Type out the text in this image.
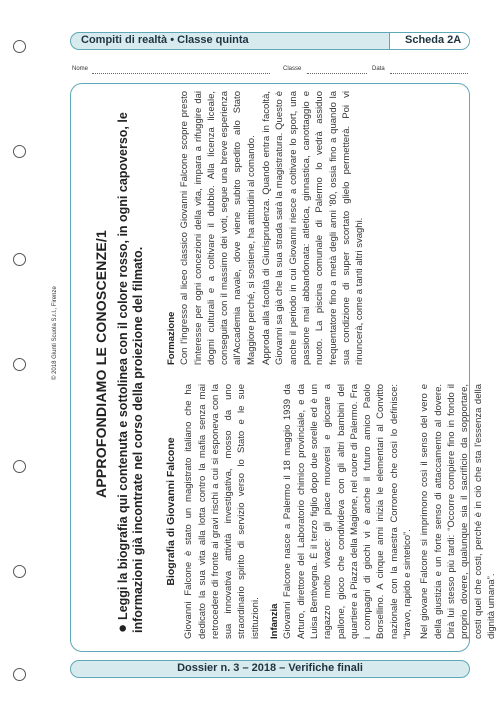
Compiti di realtà • Classe quinta	Scheda 2A
Nome	Classe	Data
APPROFONDIAMO LE CONOSCENZE/1
●Leggi la biografia qui contenuta e sottolinea con il colore rosso, in ogni capoverso, le informazioni già incontrate nel corso della proiezione del filmato. Biografia di Giovanni Falcone Giovanni Falcone è stato un magistrato italiano che ha dedicato la sua vita alla lotta contro la mafia senza mai retrocedere di fronte ai gravi rischi a cui si esponeva con la sua innovativa attività investigativa, mosso da uno straordinario spirito di servizio verso lo Stato e le sue istituzioni. Infanzia Giovanni Falcone nasce a Palermo il 18 maggio 1939 da Arturo, direttore del Laboratorio chimico provinciale, e da Luisa Bentivegna. È il terzo figlio dopo due sorelle ed è un ragazzo molto vivace: gli piace muoversi e giocare a pallone, gioco che condivideva con gli altri bambini del quartiere a Piazza della Magione, nel cuore di Palermo. Fra i compagni di giochi vi è anche il futuro amico Paolo Borsellino. A cinque anni inizia le elementari al Convitto nazionale con la maestra Corroneo che così lo definisce: “bravo, rapido e sintetico”. Nel giovane Falcone si imprimono così il senso del vero e della giustizia e un forte senso di attaccamento al dovere. Dirà lui stesso più tardi: “Occorre compiere fino in fondo il proprio dovere, qualunque sia il sacrificio da sopportare, costi quel che costi, perché è in ciò che sta l'essenza della dignità umana”.
Formazione Con l'ingresso al liceo classico Giovanni Falcone scopre presto l'interesse per ogni concezioni della vita, impara a rifuggire dai dogmi culturali e a coltivare il dubbio. Alla licenza liceale, conseguita con il massimo dei voti, segue una breve esperienza all'Accademia navale, dove viene subito spedito allo Stato Maggiore perché, si sostiene, ha attitudini al comando. Approda alla facoltà di Giurisprudenza. Quando entra in facoltà, Giovanni sa già che la sua strada sarà la magistratura. Questo è anche il periodo in cui Giovanni riesce a coltivare lo sport, una passione mai abbandonata: atletica, ginnastica, canottaggio e nuoto. La piscina comunale di Palermo lo vedrà assiduo frequentatore fino a metà degli anni '80, ossia fino a quando la sua condizione di super scortato glielo permetterà. Poi vi rinuncerà, come a tanti altri svaghi.
© 2018 Giunti Scuola S.r.l., Firenze
Dossier n. 3 – 2018 – Verifiche finali
